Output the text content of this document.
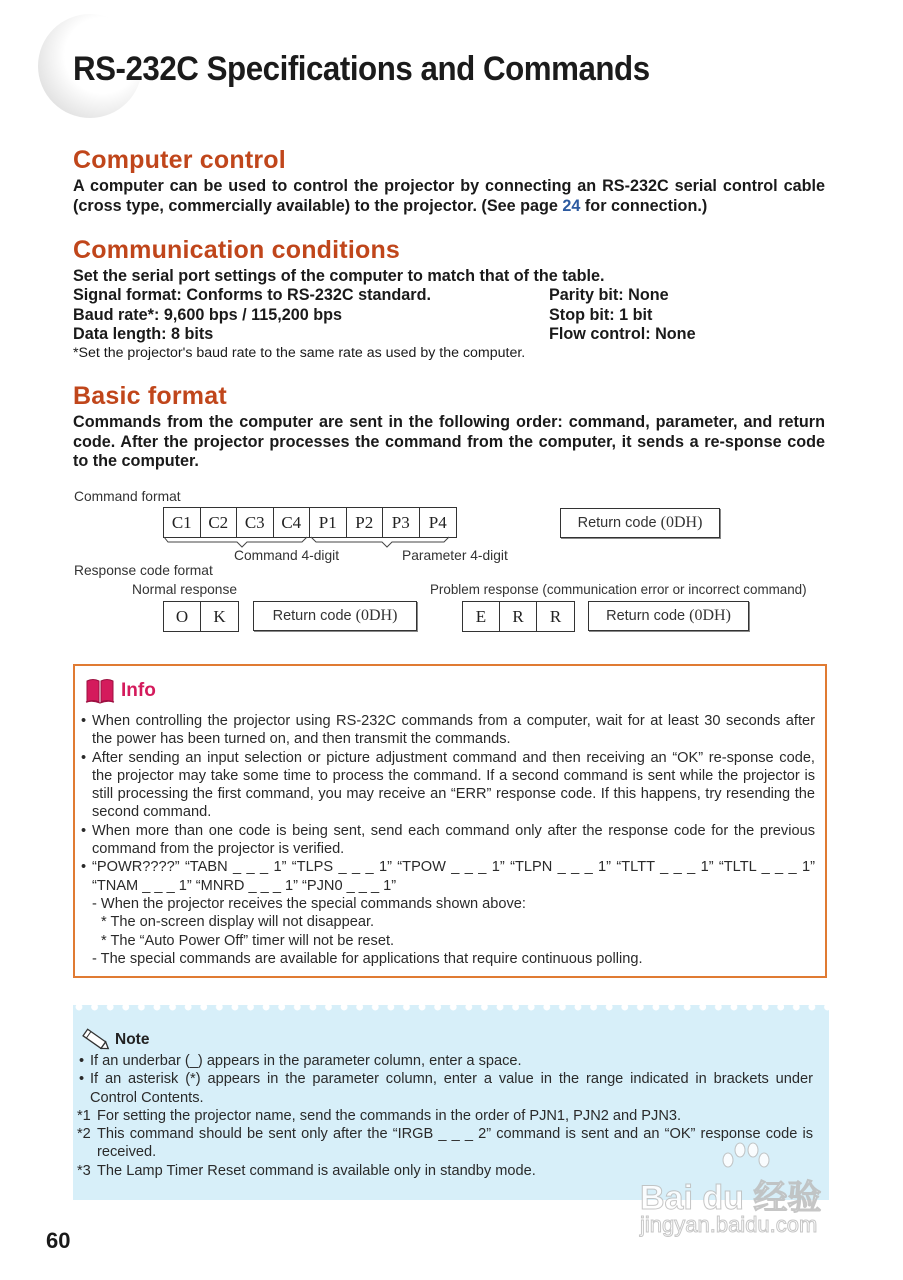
RS-232C Specifications and Commands
Computer control

A computer can be used to control the projector by connecting an RS-232C serial control cable (cross type, commercially available) to the projector. (See page 24 for connection.)

Communication conditions

Set the serial port settings of the computer to match that of the table.

Signal format: Conforms to RS-232C standard.	Parity bit: None
Baud rate*: 9,600 bps / 115,200 bps	Stop bit: 1 bit
Data length: 8 bits	Flow control: None
*Set the projector's baud rate to the same rate as used by the computer.
Basic format

Commands from the computer are sent in the following order: command, parameter, and return code. After the projector processes the command from the computer, it sends a re-sponse code to the computer.

Command format
C1 C2 C3 C4	P1	P2	P3	P4
Command 4-digit	Parameter 4-digit
Return code (0DH)
Response code format
Normal response	Problem response (communication error or incorrect command)
O	K	Return code (0DH)	E	R	R	Return code (0DH)
Info
• When controlling the projector using RS-232C commands from a computer, wait for at least 30 seconds after the power has been turned on, and then transmit the commands.
• After sending an input selection or picture adjustment command and then receiving an “OK” re-sponse code, the projector may take some time to process the command. If a second command is sent while the projector is still processing the first command, you may receive an “ERR” response code. If this happens, try resending the second command.
• When more than one code is being sent, send each command only after the response code for the previous command from the projector is verified.
• “POWR????” “TABN _ _ _ 1” “TLPS _ _ _ 1” “TPOW _ _ _ 1” “TLPN _ _ _ 1” “TLTT _ _ _ 1” “TLTL _ _ _ 1” “TNAM _ _ _ 1” “MNRD _ _ _ 1” “PJN0 _ _ _ 1”
- When the projector receives the special commands shown above:
* The on-screen display will not disappear.
* The “Auto Power Off” timer will not be reset.
- The special commands are available for applications that require continuous polling.
Note
• If an underbar (_) appears in the parameter column, enter a space.
• If an asterisk (*) appears in the parameter column, enter a value in the range indicated in brackets under Control Contents.
*1 For setting the projector name, send the commands in the order of PJN1, PJN2 and PJN3.
*2 This command should be sent only after the “IRGB _ _ _ 2” command is sent and an “OK” response code is received.
*3 The Lamp Timer Reset command is available only in standby mode.
60
Bai du 经验
jingyan.baidu.com
